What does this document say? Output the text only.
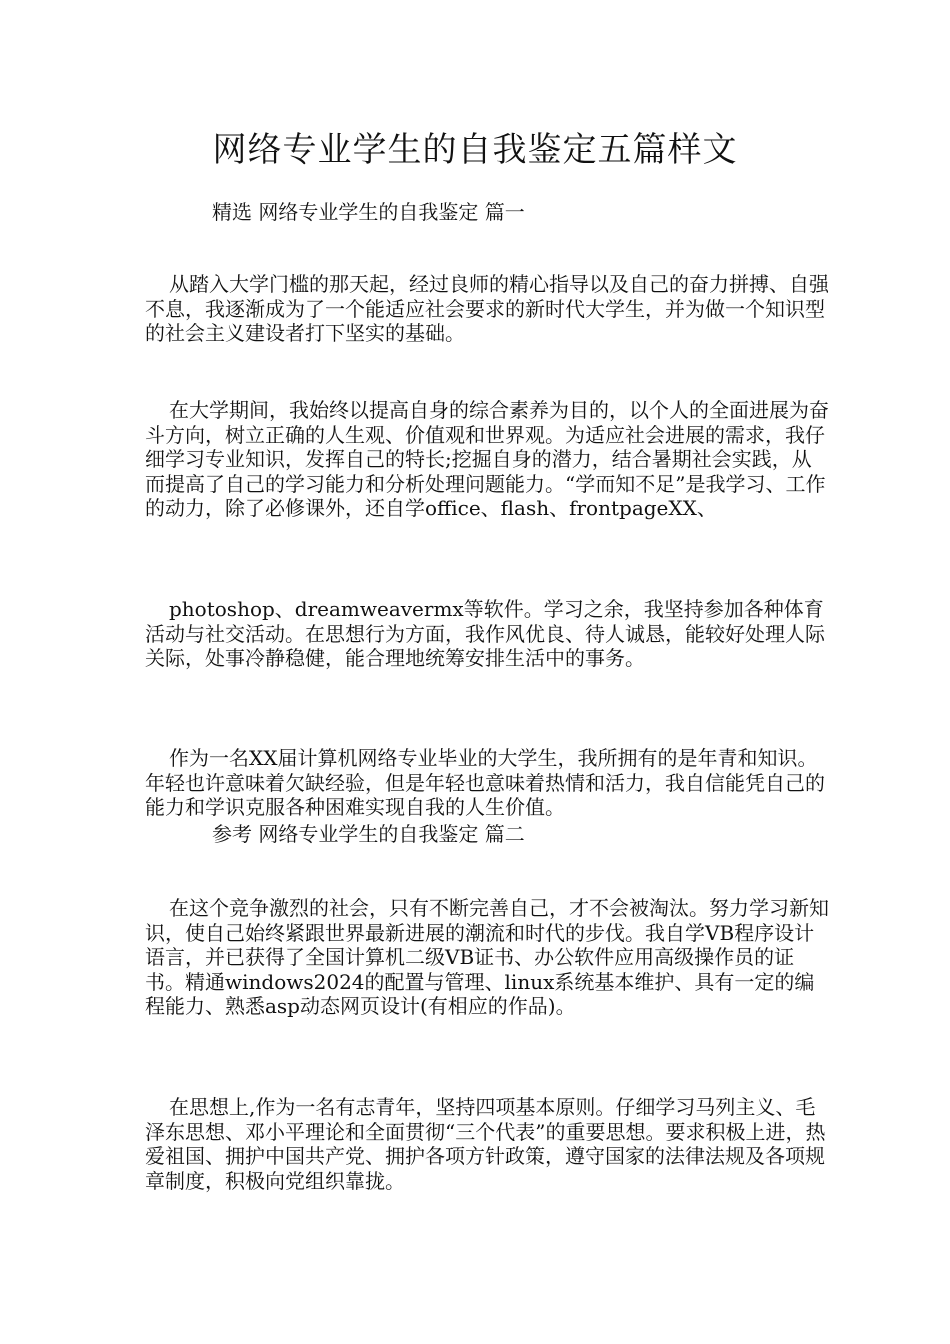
网络专业学生的自我鉴定五篇样文
精选 网络专业学生的自我鉴定 篇一

从踏入大学门槛的那天起，经过良师的精心指导以及自己的奋力拼搏、自强不息，我逐渐成为了一个能适应社会要求的新时代大学生，并为做一个知识型的社会主义建设者打下坚实的基础。

在大学期间，我始终以提高自身的综合素养为目的，以个人的全面进展为奋斗方向，树立正确的人生观、价值观和世界观。为适应社会进展的需求，我仔细学习专业知识，发挥自己的特长;挖掘自身的潜力，结合暑期社会实践，从而提高了自己的学习能力和分析处理问题能力。“学而知不足”是我学习、工作的动力，除了必修课外，还自学office、flash、frontpageXX、

photoshop、dreamweavermx等软件。学习之余，我坚持参加各种体育活动与社交活动。在思想行为方面，我作风优良、待人诚恳，能较好处理人际关际，处事冷静稳健，能合理地统筹安排生活中的事务。

作为一名XX届计算机网络专业毕业的大学生，我所拥有的是年青和知识。年轻也许意味着欠缺经验，但是年轻也意味着热情和活力，我自信能凭自己的能力和学识克服各种困难实现自我的人生价值。

参考 网络专业学生的自我鉴定 篇二

在这个竞争激烈的社会，只有不断完善自己，才不会被淘汰。努力学习新知识，使自己始终紧跟世界最新进展的潮流和时代的步伐。我自学VB程序设计语言，并已获得了全国计算机二级VB证书、办公软件应用高级操作员的证书。精通windows2024的配置与管理、linux系统基本维护、具有一定的编程能力、熟悉asp动态网页设计(有相应的作品)。

在思想上,作为一名有志青年，坚持四项基本原则。仔细学习马列主义、毛泽东思想、邓小平理论和全面贯彻“三个代表”的重要思想。要求积极上进，热爱祖国、拥护中国共产党、拥护各项方针政策，遵守国家的法律法规及各项规章制度，积极向党组织靠拢。
